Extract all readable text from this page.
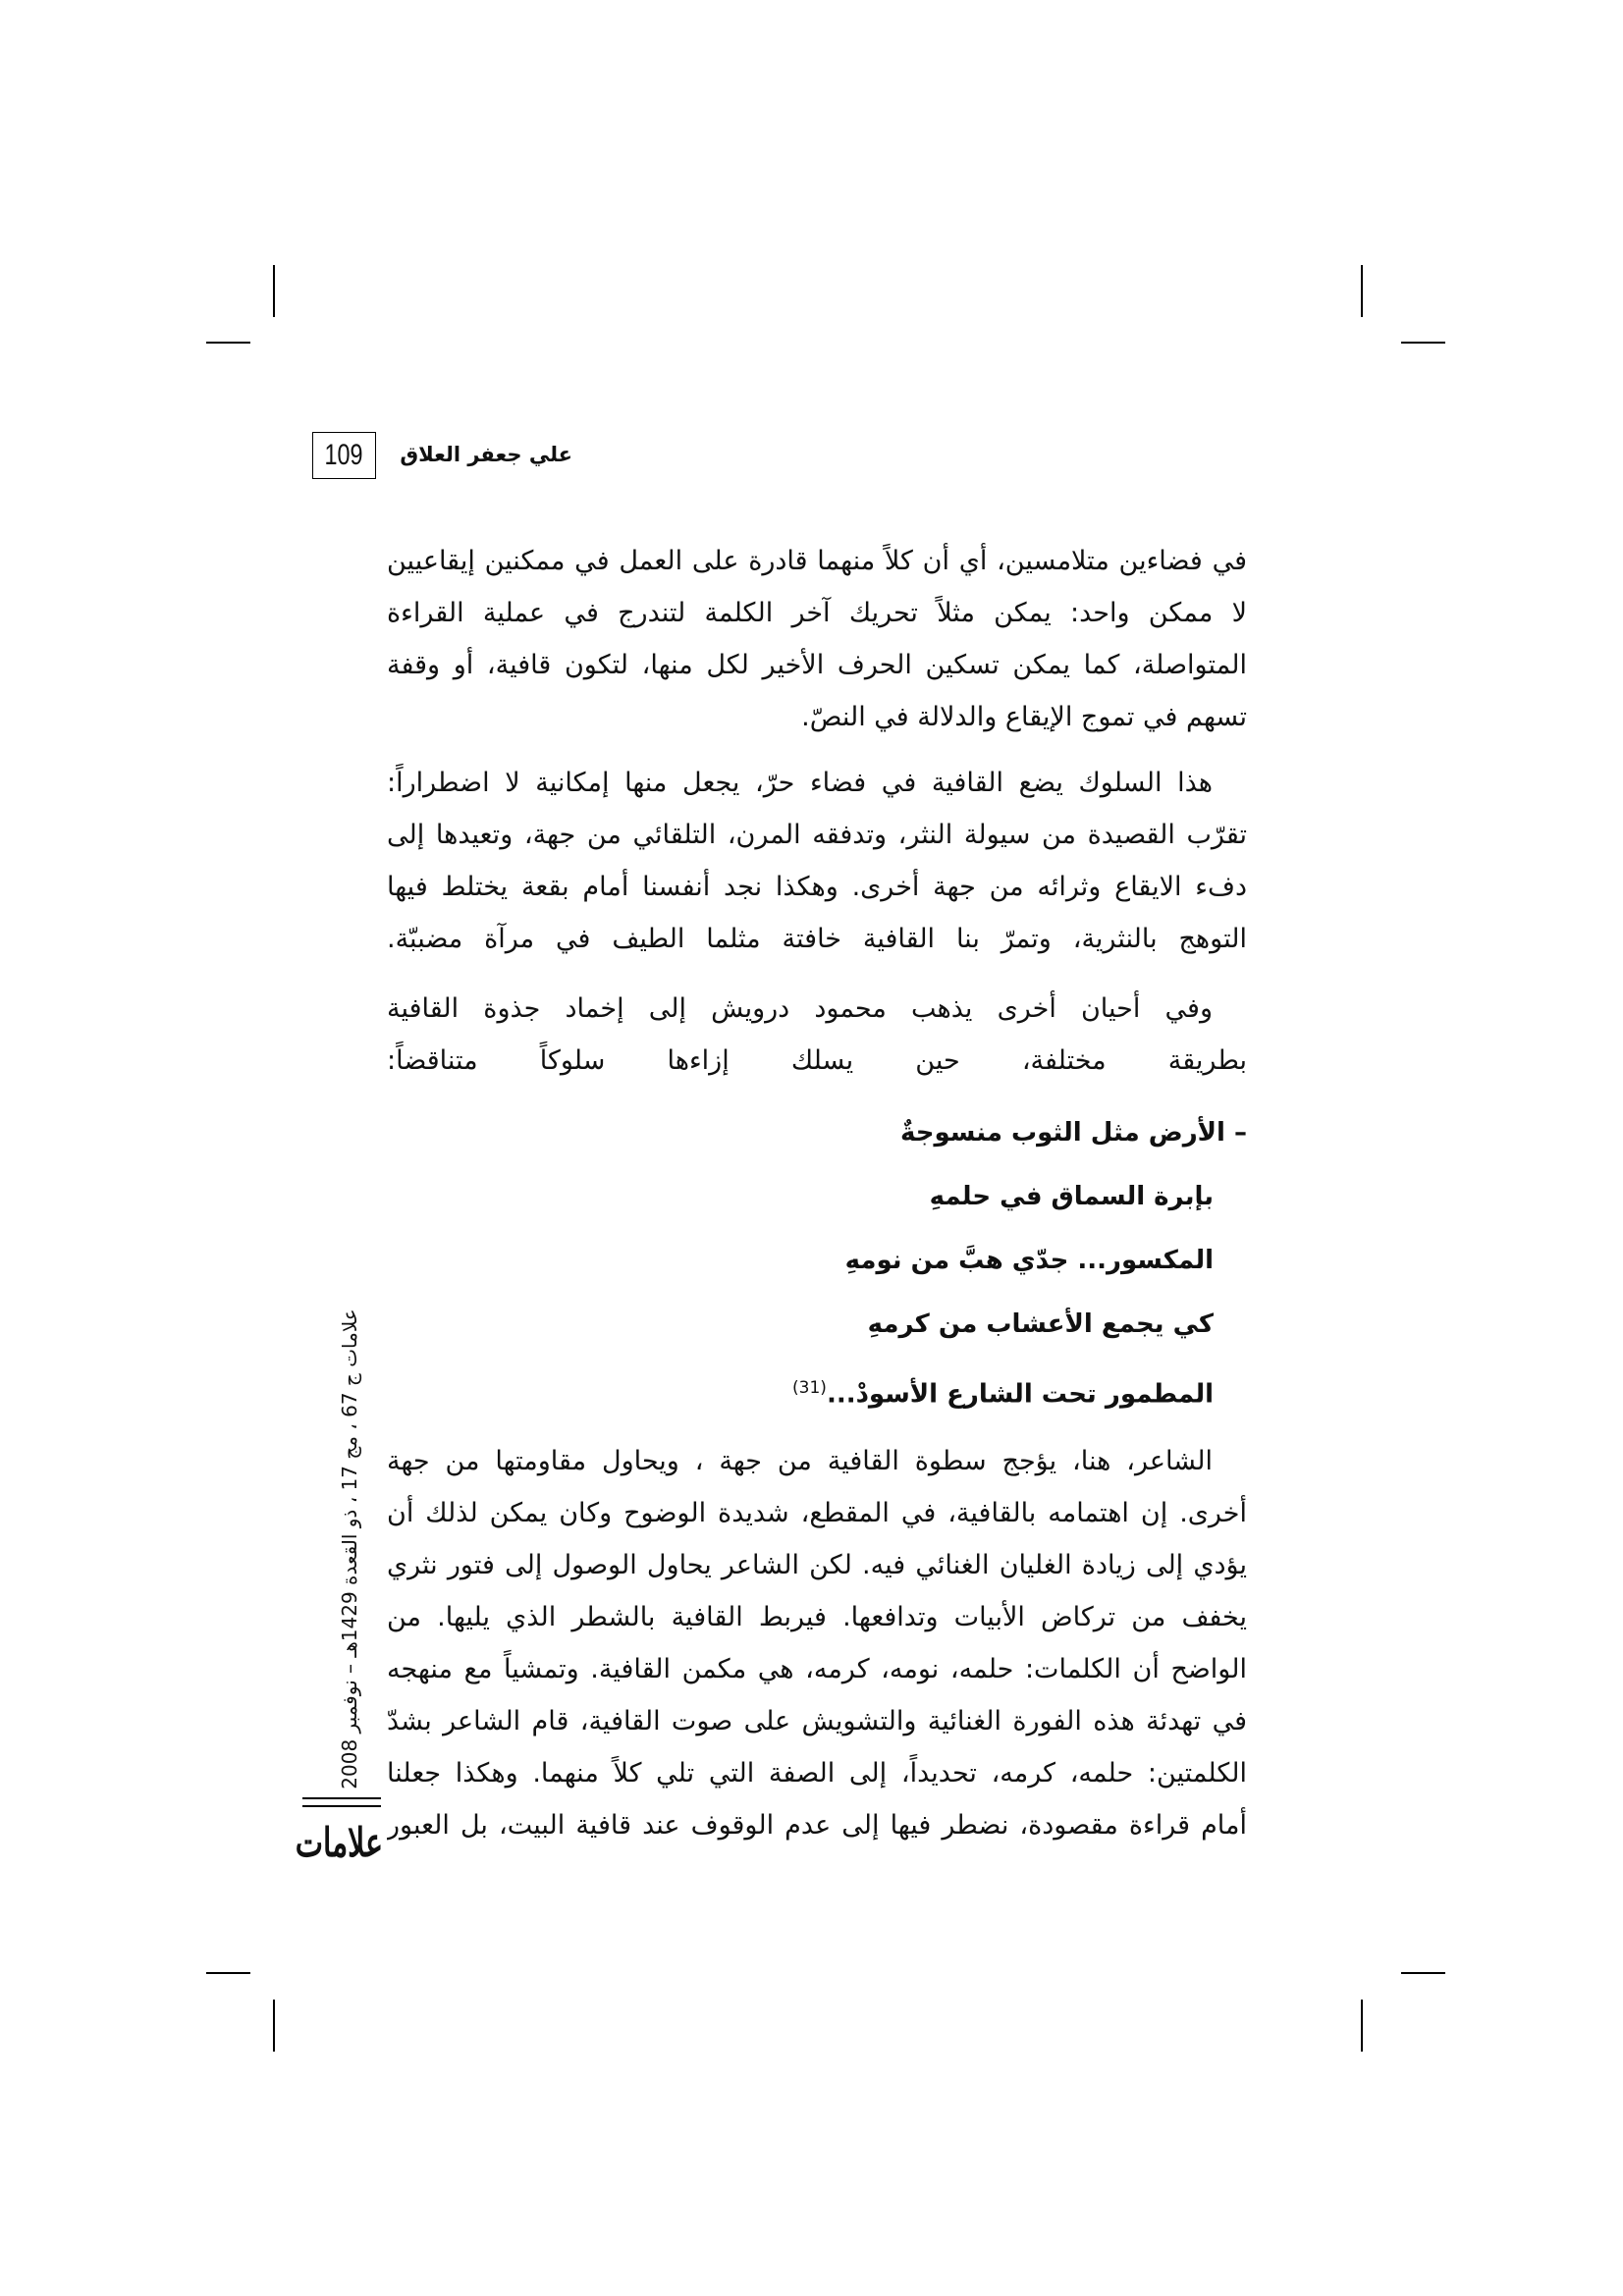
109 علي جعفر العلاق
في فضاءين متلامسين، أي أن كلاً منهما قادرة على العمل في ممكنين إيقاعيين
لا ممكن واحد: يمكن مثلاً تحريك آخر الكلمة لتندرج في عملية القراءة
المتواصلة، كما يمكن تسكين الحرف الأخير لكل منها، لتكون قافية، أو وقفة
تسهم في تموج الإيقاع والدلالة في النصّ.
هذا السلوك يضع القافية في فضاء حرّ، يجعل منها إمكانية لا اضطراراً:
تقرّب القصيدة من سيولة النثر، وتدفقه المرن، التلقائي من جهة، وتعيدها إلى
دفء الايقاع وثرائه من جهة أخرى. وهكذا نجد أنفسنا أمام بقعة يختلط فيها
التوهج بالنثرية، وتمرّ بنا القافية خافتة مثلما الطيف في مرآة مضببّة.
وفي أحيان أخرى يذهب محمود درويش إلى إخماد جذوة القافية
بطريقة مختلفة، حين يسلك إزاءها سلوكاً متناقضاً:
– الأرض مثل الثوب منسوجةٌ
بإبرة السماق في حلمهِ
المكسور... جدّي هبَّ من نومهِ
كي يجمع الأعشاب من كرمهِ
المطمور تحت الشارع الأسودْ...$^{(31)}$
الشاعر، هنا، يؤجج سطوة القافية من جهة ، ويحاول مقاومتها من جهة
أخرى. إن اهتمامه بالقافية، في المقطع، شديدة الوضوح وكان يمكن لذلك أن
يؤدي إلى زيادة الغليان الغنائي فيه. لكن الشاعر يحاول الوصول إلى فتور نثري
يخفف من تركاض الأبيات وتدافعها. فيربط القافية بالشطر الذي يليها. من
الواضح أن الكلمات: حلمه، نومه، كرمه، هي مكمن القافية. وتمشياً مع منهجه
في تهدئة هذه الفورة الغنائية والتشويش على صوت القافية، قام الشاعر بشدّ
الكلمتين: حلمه، كرمه، تحديداً، إلى الصفة التي تلي كلاً منهما. وهكذا جعلنا
أمام قراءة مقصودة، نضطر فيها إلى عدم الوقوف عند قافية البيت، بل العبور
علامات ج 67 ، مج 17 ، ذو القعدة 1429هـ – نوفمبر 2008
علامات
